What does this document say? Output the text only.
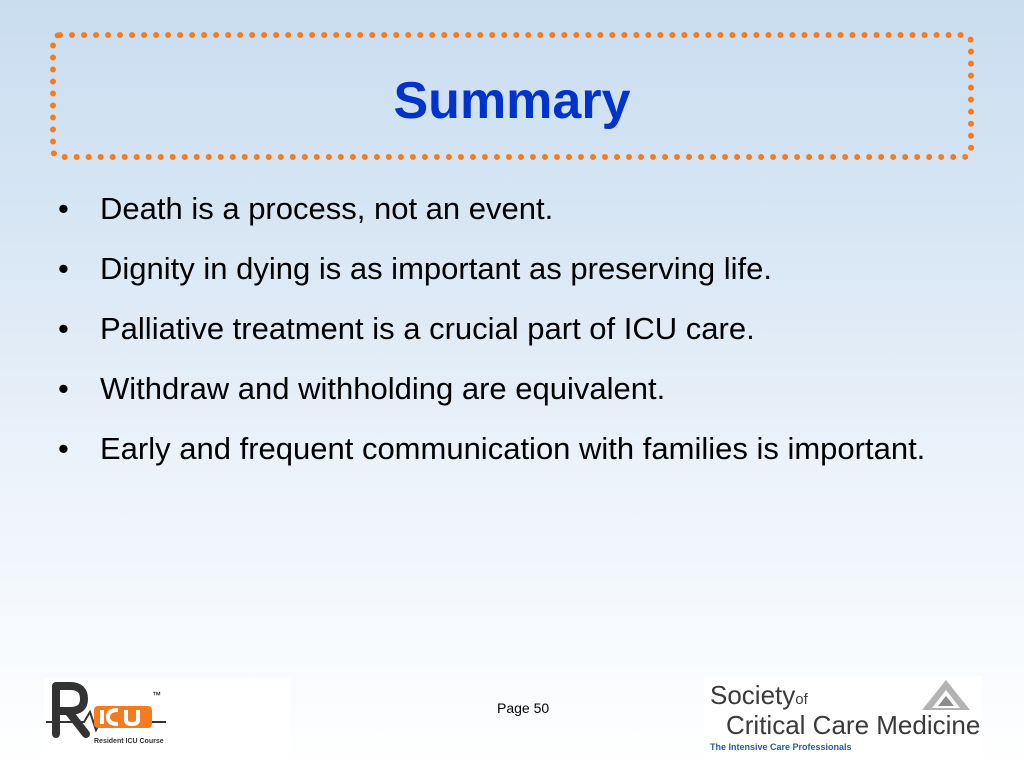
Summary
• Death is a process, not an event.
• Dignity in dying is as important as preserving life.
• Palliative treatment is a crucial part of ICU care.
• Withdraw and withholding are equivalent.
• Early and frequent communication with families is important.
™
Resident ICU Course
Page 50	Societyof
Critical Care Medicine
The Intensive Care Professionals
